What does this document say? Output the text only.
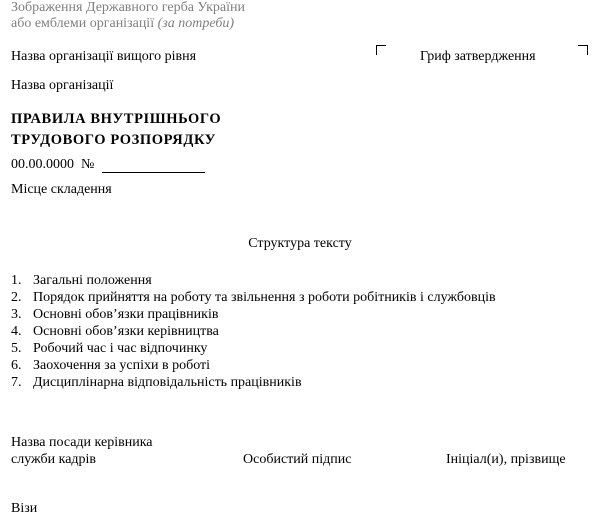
Зображення Державного герба України
або емблеми організації (за потреби)
Назва організації вищого рівня	Гриф затвердження
Назва організації
ПРАВИЛА ВНУТРІШНЬОГО
ТРУДОВОГО РОЗПОРЯДКУ
00.00.0000 №
Місце складення
Структура тексту
1. Загальні положення
2. Порядок прийняття на роботу та звільнення з роботи робітників і службовців
3. Основні обов’язки працівників
4. Основні обов’язки керівництва
5. Робочий час і час відпочинку
6. Заохочення за успіхи в роботі
7. Дисциплінарна відповідальність працівників
Назва посади керівника
служби кадрів	Особистий підпис	Ініціал(и), прізвище
Візи
